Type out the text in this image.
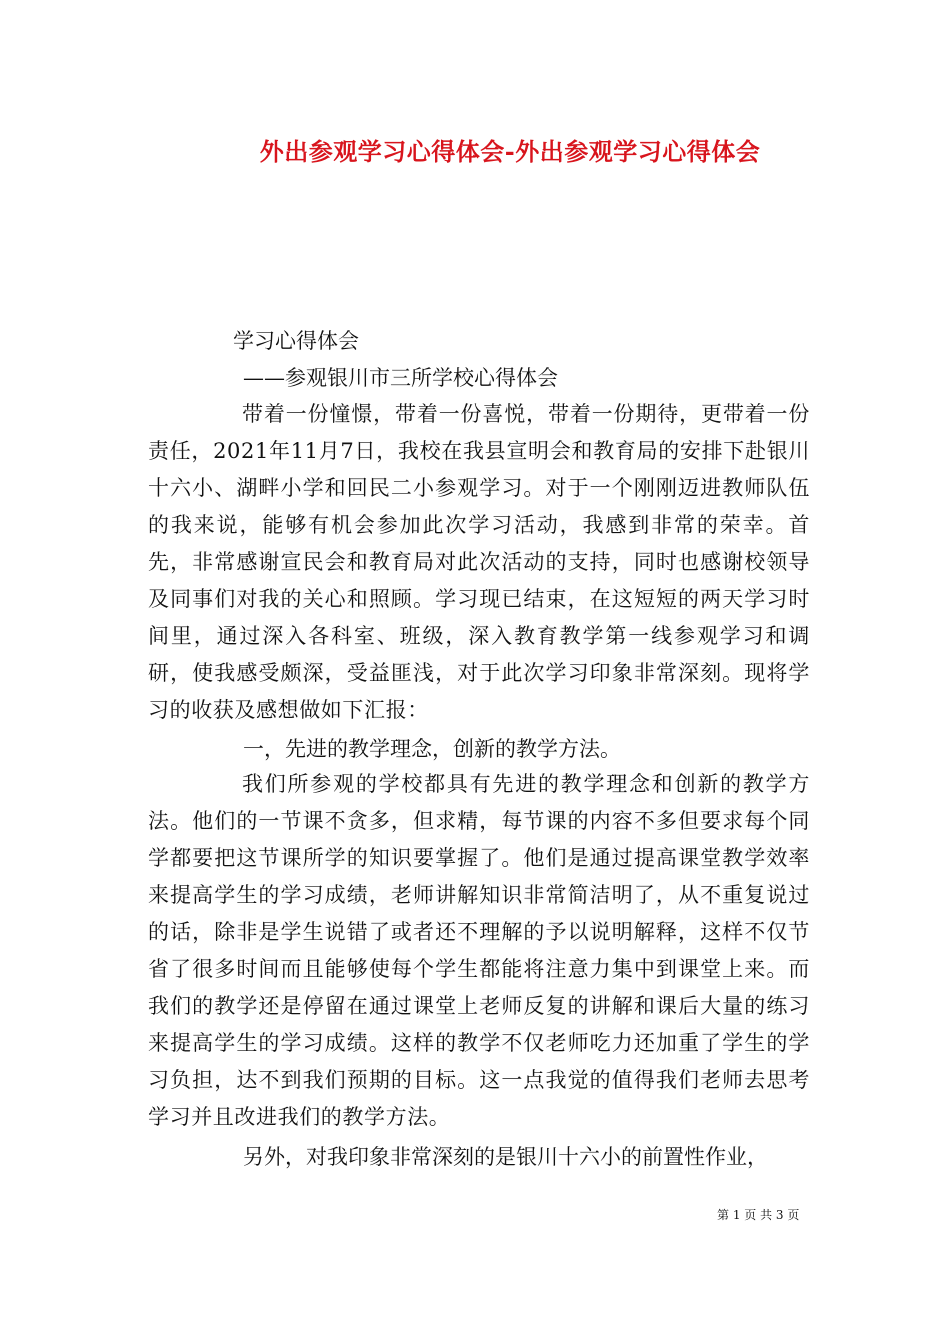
外出参观学习心得体会-外出参观学习心得体会
学习心得体会
——参观银川市三所学校心得体会
带着一份憧憬，带着一份喜悦，带着一份期待，更带着一份责任，2021年11月7日，我校在我县宣明会和教育局的安排下赴银川十六小、湖畔小学和回民二小参观学习。对于一个刚刚迈进教师队伍的我来说，能够有机会参加此次学习活动，我感到非常的荣幸。首先，非常感谢宣民会和教育局对此次活动的支持，同时也感谢校领导及同事们对我的关心和照顾。学习现已结束，在这短短的两天学习时间里，通过深入各科室、班级，深入教育教学第一线参观学习和调研，使我感受颇深，受益匪浅，对于此次学习印象非常深刻。现将学习的收获及感想做如下汇报：
一，先进的教学理念，创新的教学方法。
我们所参观的学校都具有先进的教学理念和创新的教学方法。他们的一节课不贪多，但求精，每节课的内容不多但要求每个同学都要把这节课所学的知识要掌握了。他们是通过提高课堂教学效率来提高学生的学习成绩，老师讲解知识非常简洁明了，从不重复说过的话，除非是学生说错了或者还不理解的予以说明解释，这样不仅节省了很多时间而且能够使每个学生都能将注意力集中到课堂上来。而我们的教学还是停留在通过课堂上老师反复的讲解和课后大量的练习来提高学生的学习成绩。这样的教学不仅老师吃力还加重了学生的学习负担，达不到我们预期的目标。这一点我觉的值得我们老师去思考学习并且改进我们的教学方法。
另外，对我印象非常深刻的是银川十六小的前置性作业，
第 1 页 共 3 页
